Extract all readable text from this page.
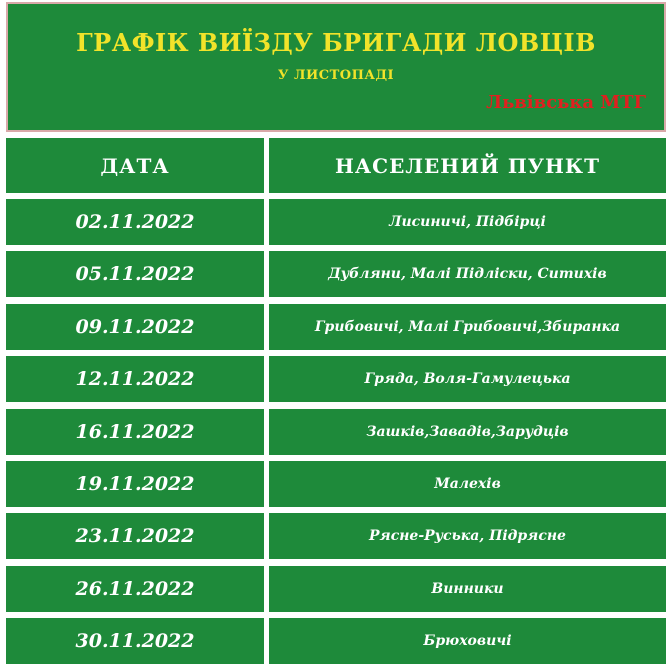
ГРАФІК ВИЇЗДУ БРИГАДИ ЛОВЦІВ
У ЛИСТОПАДІ
Львівська МТГ
ДАТА	НАСЕЛЕНИЙ ПУНКТ
02.11.2022	Лисиничі, Підбірці
05.11.2022	Дубляни, Малі Підліски, Ситихів
09.11.2022	Грибовичі, Малі Грибовичі,Збиранка
12.11.2022	Гряда, Воля-Гамулецька
16.11.2022	Зашків,Завадів,Зарудців
19.11.2022	Малехів
23.11.2022	Рясне-Руська, Підрясне
26.11.2022	Винники
30.11.2022	Брюховичі
